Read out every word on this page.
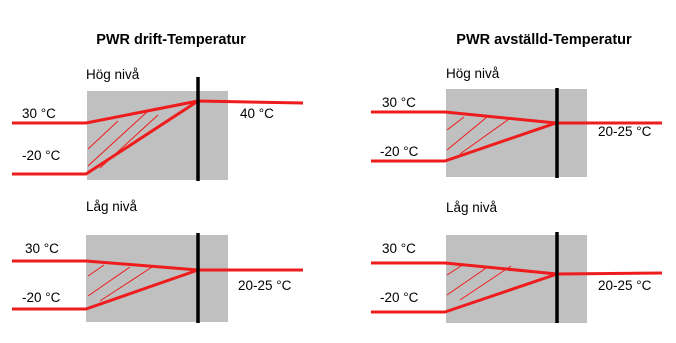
PWR drift-Temperatur	PWR avställd-Temperatur
Hög nivå
30 °C
-20 °C
40 °C
Låg nivå
30 °C
-20 °C
20-25 °C
Hög nivå
30 °C
-20 °C
20-25 °C
Låg nivå
30 °C
-20 °C
20-25 °C
